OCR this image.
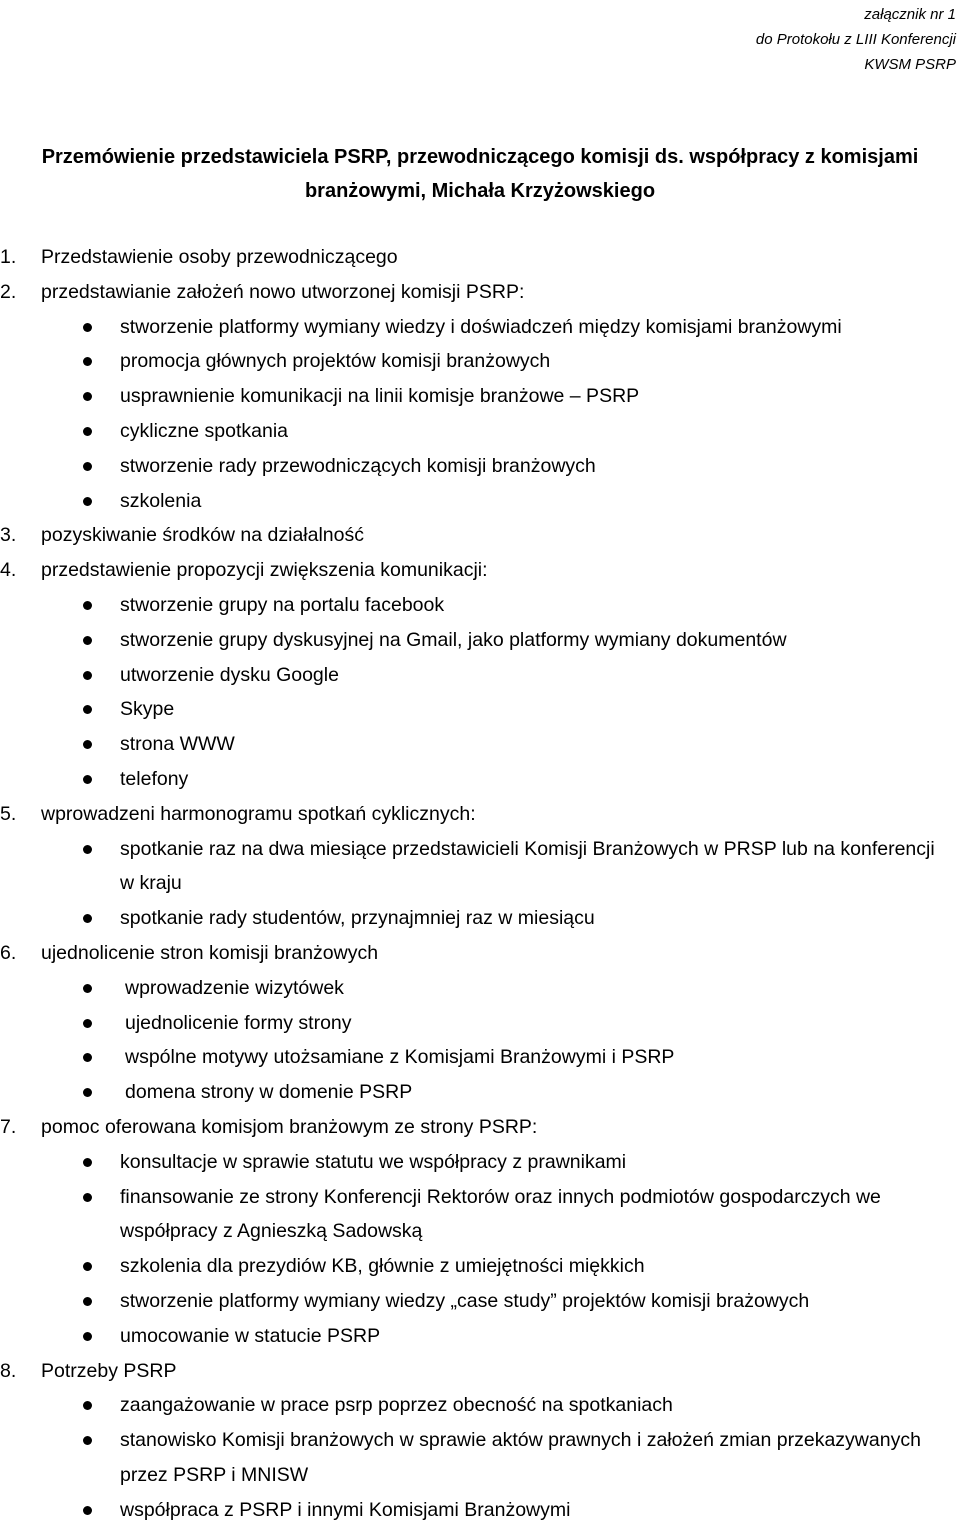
załącznik nr 1
do Protokołu z LIII Konferencji
KWSM PSRP
Przemówienie przedstawiciela PSRP, przewodniczącego komisji ds. współpracy z komisjami
branżowymi, Michała Krzyżowskiego
1. Przedstawienie osoby przewodniczącego
2. przedstawianie założeń nowo utworzonej komisji PSRP:
stworzenie platformy wymiany wiedzy i doświadczeń między komisjami branżowymi
promocja głównych projektów komisji branżowych
usprawnienie komunikacji na linii komisje branżowe – PSRP
cykliczne spotkania
stworzenie rady przewodniczących komisji branżowych
szkolenia
3. pozyskiwanie środków na działalność
4. przedstawienie propozycji zwiększenia komunikacji:
stworzenie grupy na portalu facebook
stworzenie grupy dyskusyjnej na Gmail, jako platformy wymiany dokumentów
utworzenie dysku Google
Skype
strona WWW
telefony
5. wprowadzeni harmonogramu spotkań cyklicznych:
spotkanie raz na dwa miesiące przedstawicieli Komisji Branżowych w PRSP lub na konferencji w kraju
spotkanie rady studentów, przynajmniej raz w miesiącu
6. ujednolicenie stron komisji branżowych
wprowadzenie wizytówek
ujednolicenie formy strony
wspólne motywy utożsamiane z Komisjami Branżowymi i PSRP
domena strony w domenie PSRP
7. pomoc oferowana komisjom branżowym ze strony PSRP:
konsultacje w sprawie statutu we współpracy z prawnikami
finansowanie ze strony Konferencji Rektorów oraz innych podmiotów gospodarczych we współpracy z Agnieszką Sadowską
szkolenia dla prezydiów KB, głównie z umiejętności miękkich
stworzenie platformy wymiany wiedzy „case study” projektów komisji brażowych
umocowanie w statucie PSRP
8. Potrzeby PSRP
zaangażowanie w prace psrp poprzez obecność na spotkaniach
stanowisko Komisji branżowych w sprawie aktów prawnych i założeń zmian przekazywanych przez PSRP i MNISW
współpraca z PSRP i innymi Komisjami Branżowymi
